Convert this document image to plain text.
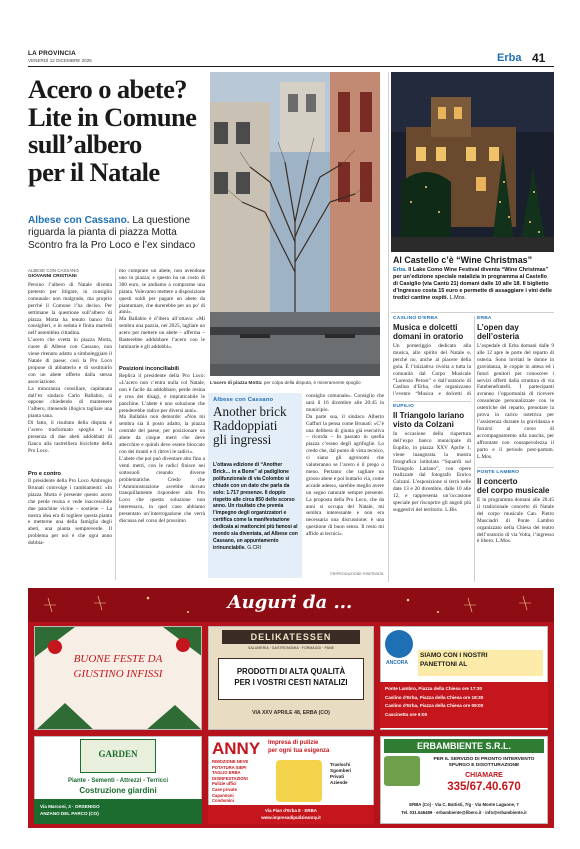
LA PROVINCIA
VENERDÌ 12 DICEMBRE 2025	Erba 41
Acero o abete?
Lite in Comune
sull’albero
per il Natale
Albese con Cassano. La questione riguarda la pianta di piazza Motta Scontro fra la Pro Loco e l’ex sindaco
ALBESE CON CASSANO
GIOVANNI CRISTIANI
Persino l’albero di Natale diventa pretesto per litigare, in consiglio comunale: non malgrado, ma proprio perché il Comune l’ha deciso. Per settimane la questione sull’albero di piazza Motta ha tenuto banco fra consiglieri, e in seduta è finita martedì nell’assemblea cittadina.
L’acero che svetta in piazza Motta, cuore di Albese con Cassano, non viene ritenuto adatto a simboleggiare il Natale di paese; così la Pro Loco propone di abbatterlo e di sostituirlo con un abete offerto dalla stessa associazione.
La minoranza consiliare, capitanata dall’ex sindaco Carlo Ballabio, si oppone chiedendo di mantenere l’albero, ritenendo illogico tagliare una pianta sana.
Di fatto, il risultato della disputa è l’acero trasformato spoglio e la presenza di due abeti addobbati di fianco alla rastrelliera biciclette della Pro Loco.
Pro e contro
Il presidente della Pro Loco Ambrogio Brunati coinvolge i cambiamenti: «In piazza Motta è presente questo acero che perde resina e vede inaccessibile due panchine vicine – sostiene – La nostra idea era di togliere questa pianta e metterne una della famiglia degli abeti, una pianta sempreverde. Il problema per noi è che ogni anno dobbia-
mo comprare un abete, non avendone uno in piazza; e questo ha un costo di 300 euro, se andiamo a comprarne una pianta. Volevamo mettere a disposizione questi soldi per pagare un abete da piantumare, che durerebbe per un po’ di anni».
Ma Ballabio è d’ibero all’ottavo: «Mi sembra una pazzia, nel 2025, tagliare un acero per mettere un abete – afferma – Basterebbe addobbare l’acero con le luminarie e gli addobbi».
Posizioni inconciliabili
Replica il presidente della Pro Loco: «L’acero non c’entra nulla col Natale, non è facile da addobbare, perde resina e crea dei disagi, è impraticabile le panchine. L’abete è uno soluzione che prenderebbe radice per diversi anni».
Ma Ballabio non demorde: «Non mi sembra sia il posto adatto, la piazza centrale del paese, per posizionare un abete da cinque metri che deve attecchire e quindi deve essere bloccato con dei tiranti e ti ritrovi le radici».
L’abete che poi può diventare alto fino a venti metri, con le radici finisce nei sottosuoli creando diverse problematiche. Credo che l’Amministrazione avrebbe dovuto tranquillamente rispondere alla Pro Loco che questa soluzione non interessava, in quel caso abbiamo presentato un’interrogazione che verrà discussa nel corso del prossimo
L’acero di piazza Motta: per colpa della disputa, è miseramente spoglio
Albese con Cassano
Another brick
Raddoppiati
gli ingressi
L’ottava edizione di “Another Brick… in a Bone” al padiglione polifunzionale di via Colombo si chiude con un dato che parla da solo: 1.717 presenze. Il doppio rispetto alle circa 850 dello scorso anno. Un risultato che premia l’impegno degli organizzatori e certifica come la manifestazione dedicata ai mattoncini più famosi al mondo sia diventata, ad Albese con Cassano, un appuntamento irrinunciabile. G.CRI
consiglio comunale». Consiglio che sarà il 16 dicembre alle 20:45 in municipio.
Da parte sua, il sindaco Alberto Gaffuri la pensa come Brunati: «C’è una delibera di giunta già esecutiva – ricorda – In passato in quella piazza c’erano degli agrifoglie. Lo credo che, dal punto di vista tecnico, ci siano gli agronomi che valuteranno se l’acero è il prego o meno. Pertanto che tagliare un grosso abete e poi buttarlo via, come accade adesso, sarebbe meglio avere un segno naturale sempre presente. La proposta della Pro Loco, che da anni si occupa del Natale, mi sembra interessante e non era necessaria una discussione; è una questione di buon senso. Il resto mi affido ai tecnici».
©RIPRODUZIONE RISERVATA
Al Castello c’è “Wine Christmas”
Erba. Il Lake Como Wine Festival diventa “Wine Christmas” per un’edizione speciale natalizia in programma al Castello di Casiglio (via Cantù 21) domani dalle 10 alle 18. Il biglietto d’ingresso costa 15 euro e permette di assaggiare i vini delle tredici cantine ospiti. L.Mos.
CASLINO D’ERBA
Musica e dolcetti
domani in oratorio
Un pomeriggio dedicato alla musica, allo spirito del Natale e, perché no, anche al piacere della gola. È l’iniziativa rivolta a tutta la comunità dal Corpo Musicale “Lorenzo Perosi” e dall’oratorio di Caslino d’Erba, che organizzano l’evento “Musica e dolcetti di
EUPILIO
Il Triangolo lariano
visto da Colzani
In occasione della riapertura dell’expo banco municipale di Eupilio, in piazza XXV Aprile 1, viene inaugurata la mostra fotografica intitolata “Squardi sul Triangolo Lariano”, con opere realizzate dal fotografo Enrico Colzani. L’esposizione si terrà nelle date 13 e 20 dicembre, dalle 10 alle 12, e rappresenta un’occasione speciale per riscoprire gli angoli più suggestivi del territorio. L.Bis
ERBA
L’open day
dell’osteria
L’ospedale di Erba domani dalle 9 alle 12 apre le porte del reparto di osteria. Sono invitati le donne in gravidanza, le coppie in attesa ed i futuri genitori per conoscere i servizi offerti dalla struttura di via Fatebenefratelli. I partecipanti avranno l’opportunità di ricevere consulenze personalizzate con le ostetriche del reparto, prenotare la prova in carico ostetrica per l’assistenza durante la gravidanza e fornirsi al corso di accompagnamento alla nascita, per affrontare con consapevolezza il parto e il periodo post-partum. L.Mos.
PONTE LAMBRO
Il concerto
del corpo musicale
È in programma domani alle 20.45 il tradizionale concerto di Natale del corpo musicale Can. Pietro Masciadri di Ponte Lambro organizzato nella Chiesa del teatro dell’oratorio di via Volta, l’ingresso è libero. L.Mos.
Auguri da ...
BUONE FESTE DA
GIUSTINO INFISSI
DELIKATESSEN
SALUMERIA · GASTRONOMIA · FORMAGGI · PANE
PRODOTTI DI ALTA QUALITÀ
PER I VOSTRI CESTI NATALIZI
VIA XXV APRILE 48, ERBA (CO)
ANCORA
SIAMO CON I NOSTRI
PANETTONI AL
Ponte Lambro, Piazza della Chiesa ore 17:30
Caslino d’Erba, Piazza della Chiesa ore 18:30
Caslino d’Erba, Piazza della Chiesa ore 09:00
Cascinetta ore 9:00
GARDEN
Piante - Sementi - Attrezzi - Terricci
Costruzione giardini
Via Marconi, 3 · ORSENIGO
ANZANO DEL PARCO (CO)
ANNY Impresa di pulizie
per ogni tua esigenza
RIMOZIONE NEVE
POTATURA SIEPI
TAGLIO ERBA
DISINFESTAZIONI
Pulizie uffici
Case private
Capannoni
Condomini

Traslochi
Sgomberi
Privati
Aziende
Via Pian d’Erba 8 · ERBA
www.impresadipulizieanny.it
ERBAMBIENTE S.R.L.
PER IL SERVIZIO DI PRONTO INTERVENTO
SPURGO E DISOTTURAZIONE
CHIAMARE
335/67.40.670
ERBA (Co) · Via C. Battisti, 7/g · Via Monte Lagaone, 7
Tel. 031.646489 · erbambiente@libero.it · info@erbambiente.it
